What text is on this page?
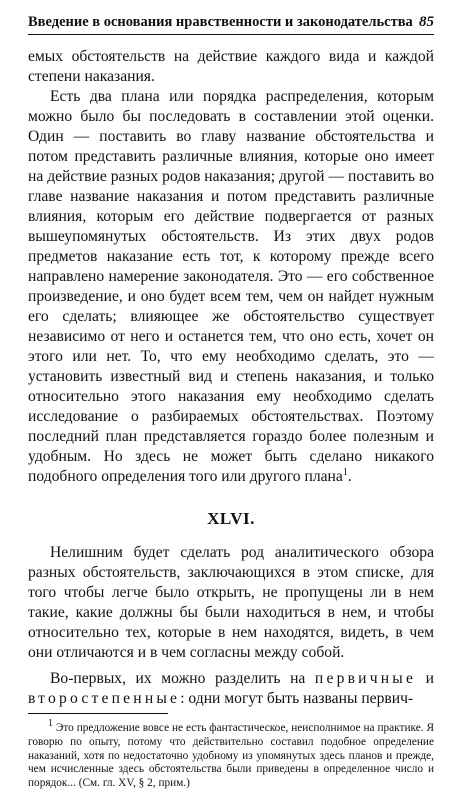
Введение в основания нравственности и законодательства 85

емых обстоятельств на действие каждого вида и каждой степени наказания.

Есть два плана или порядка распределения, которым можно было бы последовать в составлении этой оценки. Один — поставить во главу название обстоятельства и потом представить различные влияния, которые оно имеет на действие разных родов наказания; другой — поставить во главе название наказания и потом представить различные влияния, которым его действие подвергается от разных вышеупомянутых обстоятельств. Из этих двух родов предметов наказание есть тот, к которому прежде всего направлено намерение законодателя. Это — его собственное произведение, и оно будет всем тем, чем он найдет нужным его сделать; влияющее же обстоятельство существует независимо от него и останется тем, что оно есть, хочет он этого или нет. То, что ему необходимо сделать, это — установить известный вид и степень наказания, и только относительно этого наказания ему необходимо сделать исследование о разбираемых обстоятельствах. Поэтому последний план представляется гораздо более полезным и удобным. Но здесь не может быть сделано никакого подобного определения того или другого плана$^1$.

XLVI.

Нелишним будет сделать род аналитического обзора разных обстоятельств, заключающихся в этом списке, для того чтобы легче было открыть, не пропущены ли в нем такие, какие должны бы были находиться в нем, и чтобы относительно тех, которые в нем находятся, видеть, в чем они отличаются и в чем согласны между собой.

Во-первых, их можно разделить на первичные и второстепенные: одни могут быть названы первич-

$^1$ Это предложение вовсе не есть фантастическое, неисполнимое на практике. Я говорю по опыту, потому что действительно составил подобное определение наказаний, хотя по недостаточно удобному из упомянутых здесь планов и прежде, чем исчисленные здесь обстоятельства были приведены в определенное число и порядок... (См. гл. XV, § 2, прим.)
